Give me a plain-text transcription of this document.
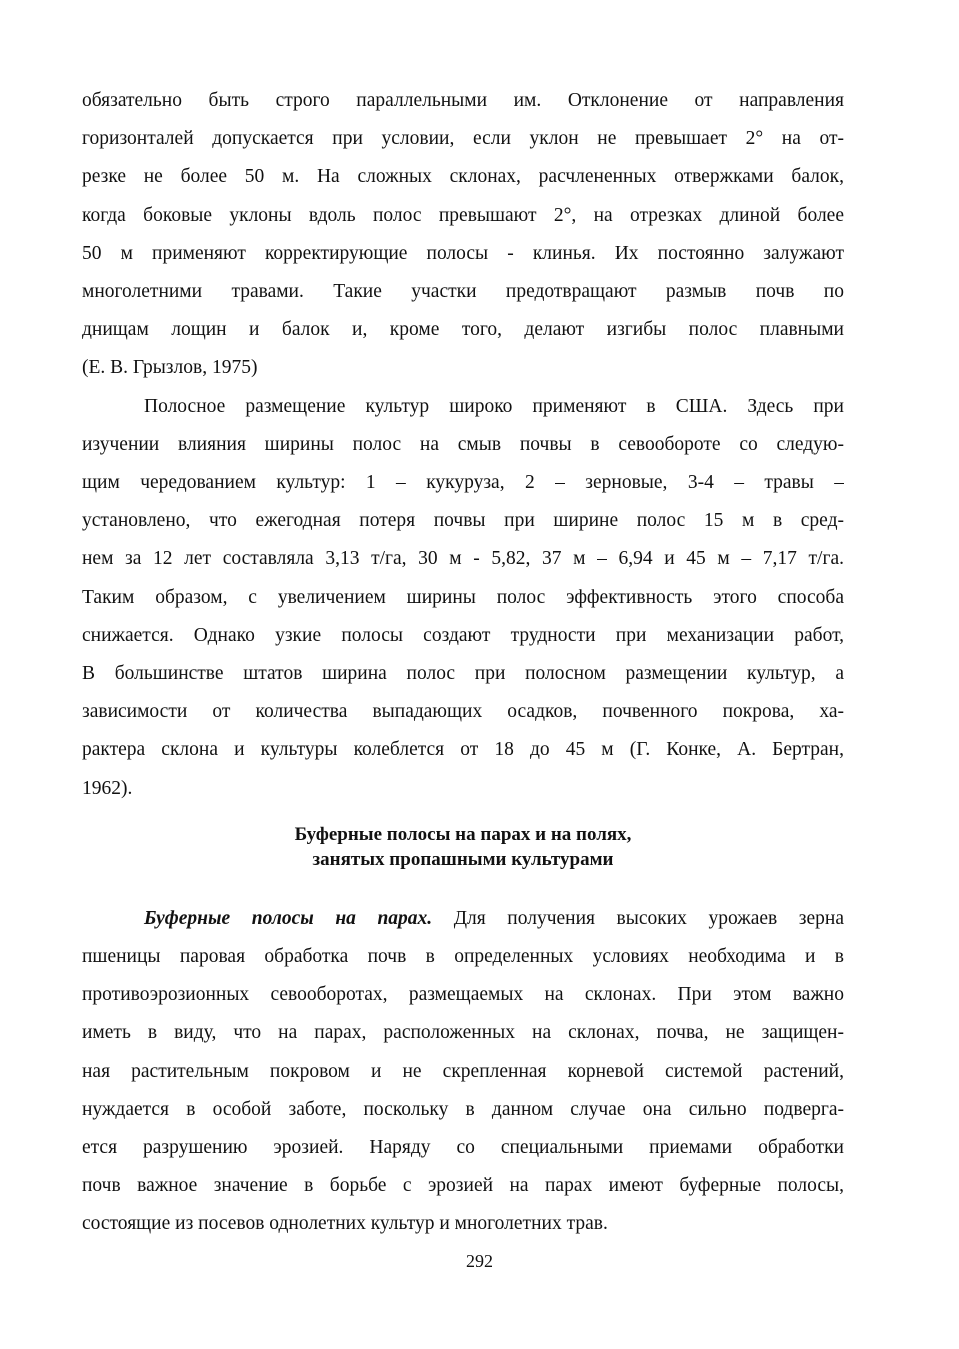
обязательно быть строго параллельными им. Отклонение от направления
горизонталей допускается при условии, если уклон не превышает 2° на от-
резке не более 50 м. На сложных склонах, расчлененных отвержками балок,
когда боковые уклоны вдоль полос превышают 2°, на отрезках длиной более
50 м применяют корректирующие полосы - клинья. Их постоянно залужают
многолетними травами. Такие участки предотвращают размыв почв по
днищам лощин и балок и, кроме того, делают изгибы полос плавными
(Е. В. Грызлов, 1975)

Полосное размещение культур широко применяют в США. Здесь при
изучении влияния ширины полос на смыв почвы в севообороте со следую-
щим чередованием культур: 1 – кукуруза, 2 – зерновые, 3-4 – травы –
установлено, что ежегодная потеря почвы при ширине полос 15 м в сред-
нем за 12 лет составляла 3,13 т/га, 30 м - 5,82, 37 м – 6,94 и 45 м – 7,17 т/га.
Таким образом, с увеличением ширины полос эффективность этого способа
снижается. Однако узкие полосы создают трудности при механизации работ,
В большинстве штатов ширина полос при полосном размещении культур, а
зависимости от количества выпадающих осадков, почвенного покрова, ха-
рактера склона и культуры колеблется от 18 до 45 м (Г. Конке, А. Бертран,
1962).

Буферные полосы на парах и на полях,
занятых пропашными культурами

Буферные полосы на парах. Для получения высоких урожаев зерна
пшеницы паровая обработка почв в определенных условиях необходима и в
противоэрозионных севооборотах, размещаемых на склонах. При этом важно
иметь в виду, что на парах, расположенных на склонах, почва, не защищен-
ная растительным покровом и не скрепленная корневой системой растений,
нуждается в особой заботе, поскольку в данном случае она сильно подверга-
ется разрушению эрозией. Наряду со специальными приемами обработки
почв важное значение в борьбе с эрозией на парах имеют буферные полосы,
состоящие из посевов однолетних культур и многолетних трав.

292
